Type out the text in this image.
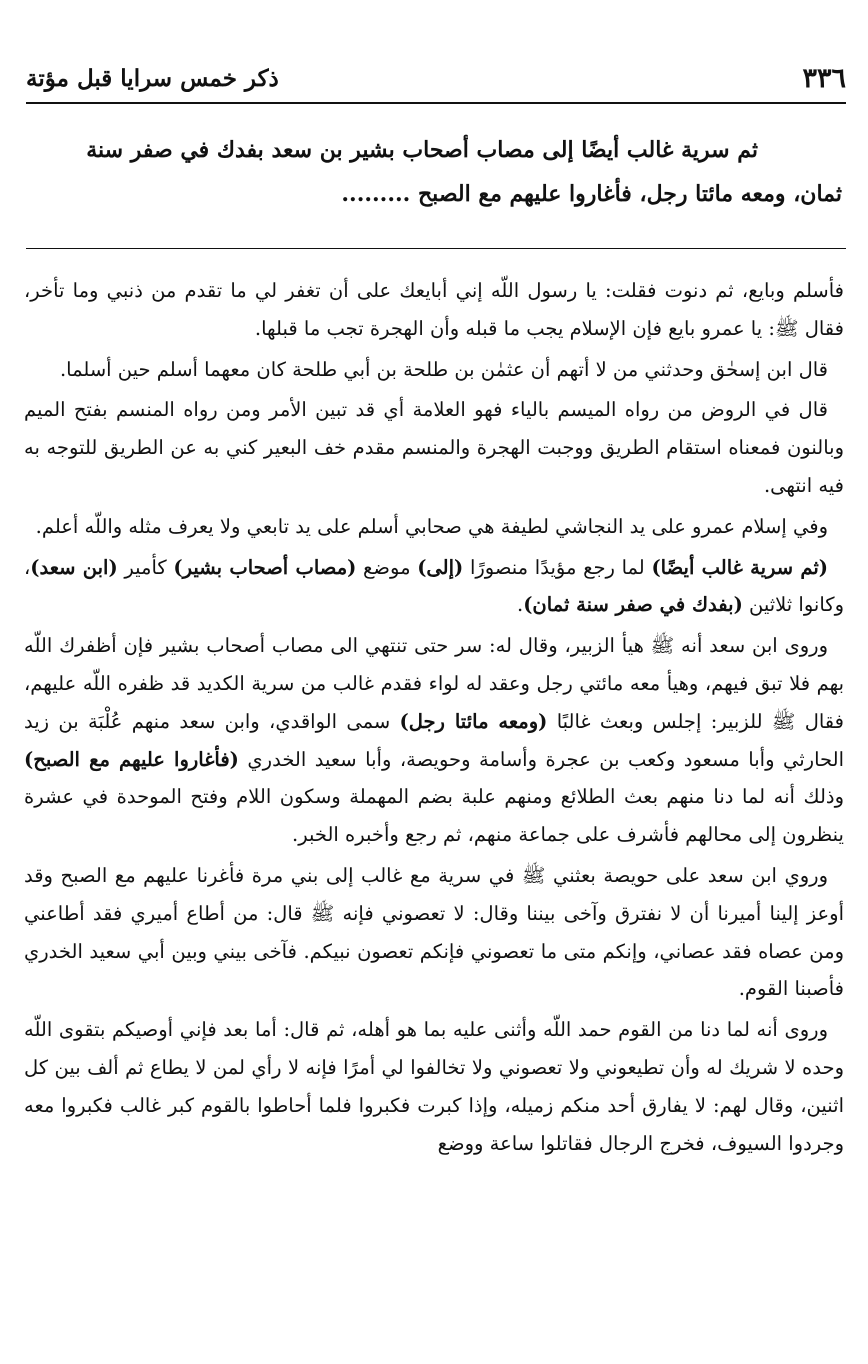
٣٣٦
ذكر خمس سرايا قبل مؤتة

ثم سرية غالب أيضًا إلى مصاب أصحاب بشير بن سعد بفدك في صفر سنة

ثمان، ومعه مائتا رجل، فأغاروا عليهم مع الصبح .........

فأسلم وبايع، ثم دنوت فقلت: يا رسول اللّه إني أبايعك على أن تغفر لي ما تقدم من ذنبي وما تأخر، فقال ﷺ: يا عمرو بايع فإن الإسلام يجب ما قبله وأن الهجرة تجب ما قبلها.

قال ابن إسحٰق وحدثني من لا أتهم أن عثمٰن بن طلحة بن أبي طلحة كان معهما أسلم حين أسلما.

قال في الروض من رواه الميسم بالياء فهو العلامة أي قد تبين الأمر ومن رواه المنسم بفتح الميم وبالنون فمعناه استقام الطريق ووجبت الهجرة والمنسم مقدم خف البعير كني به عن الطريق للتوجه به فيه انتهى.

وفي إسلام عمرو على يد النجاشي لطيفة هي صحابي أسلم على يد تابعي ولا يعرف مثله واللّه أعلم.

(ثم سرية غالب أيضًا) لما رجع مؤيدًا منصورًا (إلى) موضع (مصاب أصحاب بشير) كأمير (ابن سعد)، وكانوا ثلاثين (بفدك في صفر سنة ثمان).

وروى ابن سعد أنه ﷺ هيأ الزبير، وقال له: سر حتى تنتهي الى مصاب أصحاب بشير فإن أظفرك اللّه بهم فلا تبق فيهم، وهيأ معه مائتي رجل وعقد له لواء فقدم غالب من سرية الكديد قد ظفره اللّه عليهم، فقال ﷺ للزبير: إجلس وبعث غالبًا (ومعه مائتا رجل) سمى الواقدي، وابن سعد منهم عُلْبَة بن زيد الحارثي وأبا مسعود وكعب بن عجرة وأسامة وحويصة، وأبا سعيد الخدري (فأغاروا عليهم مع الصبح) وذلك أنه لما دنا منهم بعث الطلائع ومنهم علبة بضم المهملة وسكون اللام وفتح الموحدة في عشرة ينظرون إلى محالهم فأشرف على جماعة منهم، ثم رجع وأخبره الخبر.

وروي ابن سعد على حويصة بعثني ﷺ في سرية مع غالب إلى بني مرة فأغرنا عليهم مع الصبح وقد أوعز إلينا أميرنا أن لا نفترق وآخى بيننا وقال: لا تعصوني فإنه ﷺ قال: من أطاع أميري فقد أطاعني ومن عصاه فقد عصاني، وإنكم متى ما تعصوني فإنكم تعصون نبيكم. فآخى بيني وبين أبي سعيد الخدري فأصبنا القوم.

وروى أنه لما دنا من القوم حمد اللّه وأثنى عليه بما هو أهله، ثم قال: أما بعد فإني أوصيكم بتقوى اللّه وحده لا شريك له وأن تطيعوني ولا تعصوني ولا تخالفوا لي أمرًا فإنه لا رأي لمن لا يطاع ثم ألف بين كل اثنين، وقال لهم: لا يفارق أحد منكم زميله، وإذا كبرت فكبروا فلما أحاطوا بالقوم كبر غالب فكبروا معه وجردوا السيوف، فخرج الرجال فقاتلوا ساعة ووضع
